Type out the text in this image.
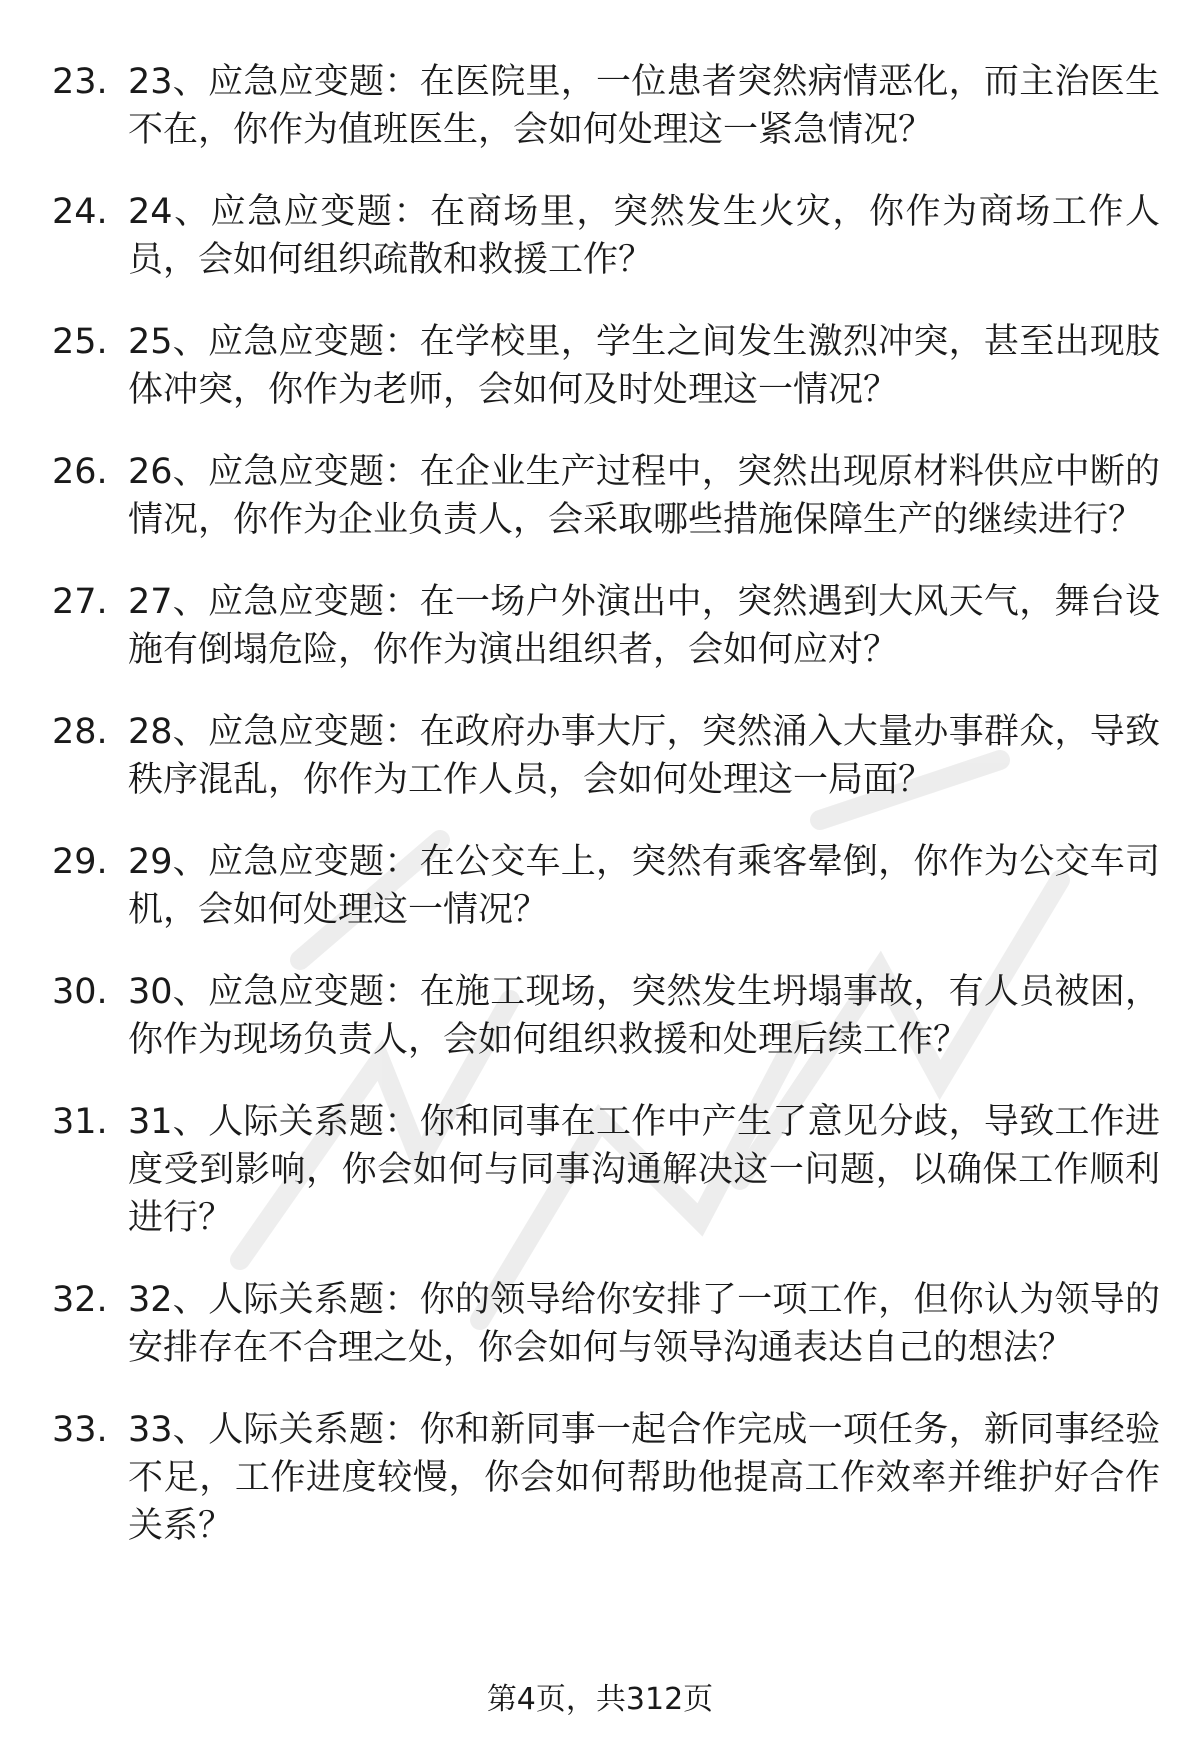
23. 23、应急应变题：在医院里，一位患者突然病情恶化，而主治医生不在，你作为值班医生，会如何处理这一紧急情况？
24. 24、应急应变题：在商场里，突然发生火灾，你作为商场工作人员，会如何组织疏散和救援工作？
25. 25、应急应变题：在学校里，学生之间发生激烈冲突，甚至出现肢体冲突，你作为老师，会如何及时处理这一情况？
26. 26、应急应变题：在企业生产过程中，突然出现原材料供应中断的情况，你作为企业负责人，会采取哪些措施保障生产的继续进行？
27. 27、应急应变题：在一场户外演出中，突然遇到大风天气，舞台设施有倒塌危险，你作为演出组织者，会如何应对？
28. 28、应急应变题：在政府办事大厅，突然涌入大量办事群众，导致秩序混乱，你作为工作人员，会如何处理这一局面？
29. 29、应急应变题：在公交车上，突然有乘客晕倒，你作为公交车司机，会如何处理这一情况？
30. 30、应急应变题：在施工现场，突然发生坍塌事故，有人员被困，你作为现场负责人，会如何组织救援和处理后续工作？
31. 31、人际关系题：你和同事在工作中产生了意见分歧，导致工作进度受到影响，你会如何与同事沟通解决这一问题，以确保工作顺利进行？
32. 32、人际关系题：你的领导给你安排了一项工作，但你认为领导的安排存在不合理之处，你会如何与领导沟通表达自己的想法？
33. 33、人际关系题：你和新同事一起合作完成一项任务，新同事经验不足，工作进度较慢，你会如何帮助他提高工作效率并维护好合作关系？
第4页，共312页
